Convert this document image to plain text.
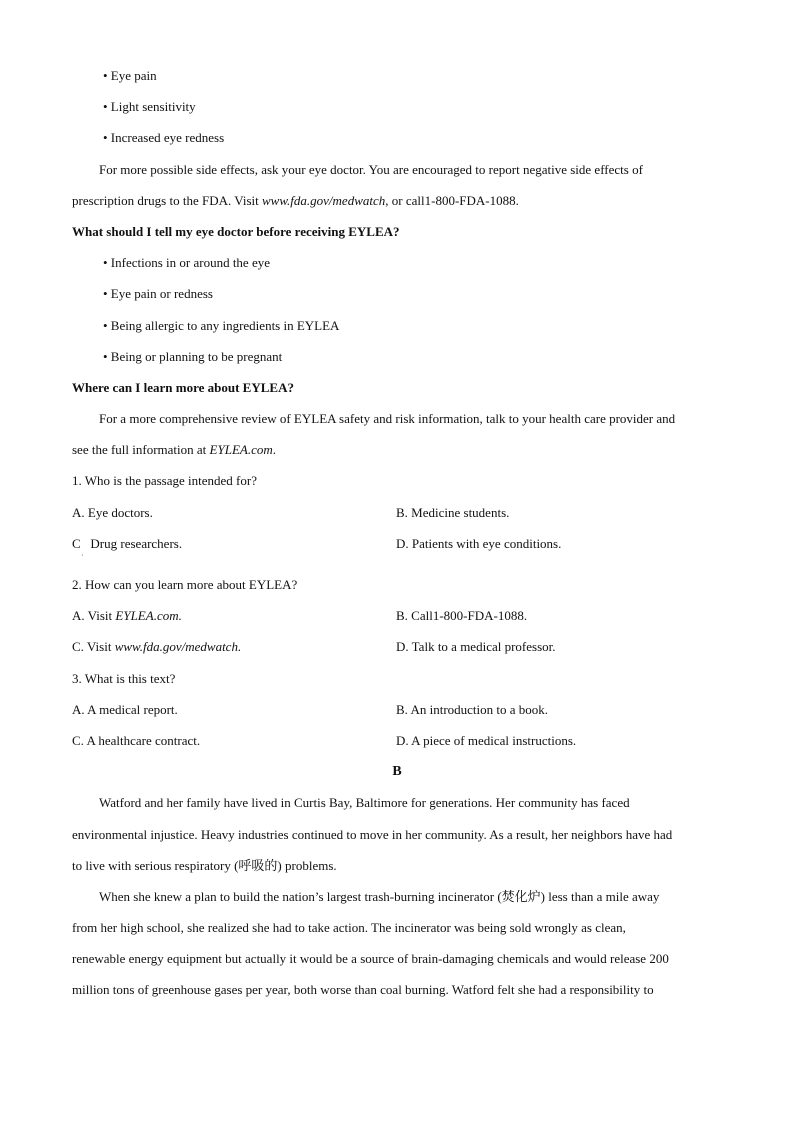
• Eye pain
• Light sensitivity
• Increased eye redness
For more possible side effects, ask your eye doctor. You are encouraged to report negative side effects of
prescription drugs to the FDA. Visit www.fda.gov/medwatch, or call1-800-FDA-1088.
What should I tell my eye doctor before receiving EYLEA?
• Infections in or around the eye
• Eye pain or redness
• Being allergic to any ingredients in EYLEA
• Being or planning to be pregnant
Where can I learn more about EYLEA?
For a more comprehensive review of EYLEA safety and risk information, talk to your health care provider and
see the full information at EYLEA.com.
1. Who is the passage intended for?
A. Eye doctors.	B. Medicine students.
C   Drug researchers. ·	D. Patients with eye conditions.
2. How can you learn more about EYLEA?
A. Visit EYLEA.com.	B. Call1-800-FDA-1088.
C. Visit www.fda.gov/medwatch.	D. Talk to a medical professor.
3. What is this text?
A. A medical report.	B. An introduction to a book.
C. A healthcare contract.	D. A piece of medical instructions.
B
Watford and her family have lived in Curtis Bay, Baltimore for generations. Her community has faced
environmental injustice. Heavy industries continued to move in her community. As a result, her neighbors have had
to live with serious respiratory (呼吸的) problems.
When she knew a plan to build the nation’s largest trash-burning incinerator (焚化炉) less than a mile away
from her high school, she realized she had to take action. The incinerator was being sold wrongly as clean,
renewable energy equipment but actually it would be a source of brain-damaging chemicals and would release 200
million tons of greenhouse gases per year, both worse than coal burning. Watford felt she had a responsibility to
